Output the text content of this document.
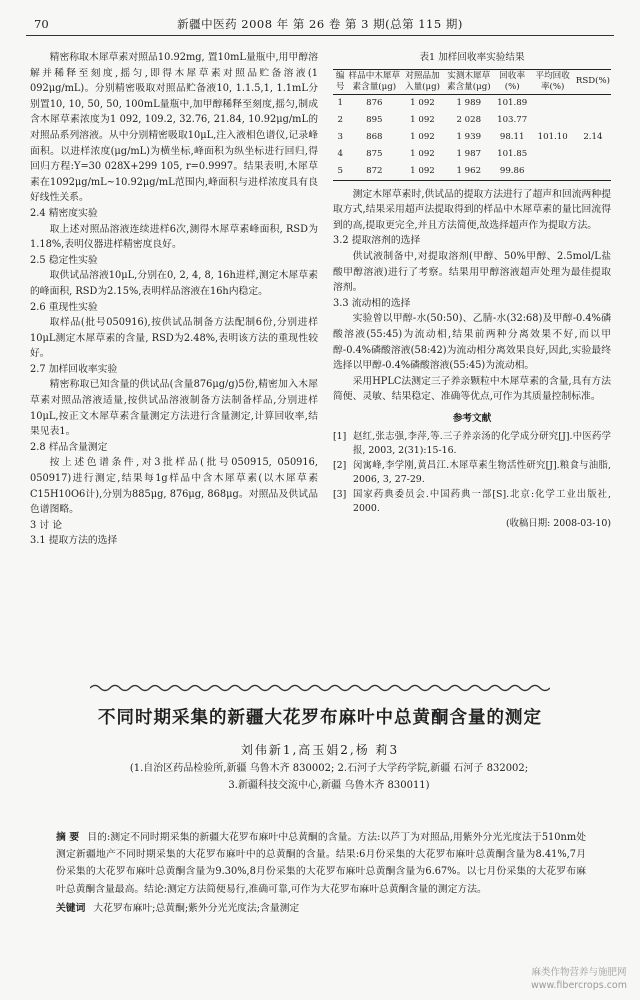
70	新疆中医药 2008 年 第 26 卷 第 3 期(总第 115 期)

精密称取木犀草素对照品10.92mg, 置10mL量瓶中,用甲醇溶解并稀释至刻度,摇匀,即得木犀草素对照品贮备溶液(1 092μg/mL)。分别精密吸取对照品贮备液10, 1.1.5,1, 1.1mL分别置10, 10, 50, 50, 100mL量瓶中,加甲醇稀释至刻度,摇匀,制成含木犀草素浓度为1 092, 109.2, 32.76, 21.84, 10.92μg/mL的对照品系列溶液。从中分别精密吸取10μL,注入液相色谱仪,记录峰面积。以进样浓度(μg/mL)为横坐标,峰面积为纵坐标进行回归,得回归方程:Y=30 028X+299 105, r=0.9997。结果表明,木犀草素在1092μg/mL~10.92μg/mL范围内,峰面积与进样浓度具有良好线性关系。

2.4 精密度实验

取上述对照品溶液连续进样6次,测得木犀草素峰面积, RSD为1.18%,表明仪器进样精密度良好。

2.5 稳定性实验

取供试品溶液10μL,分别在0, 2, 4, 8, 16h进样,测定木犀草素的峰面积, RSD为2.15%,表明样品溶液在16h内稳定。

2.6 重现性实验

取样品(批号050916),按供试品制备方法配制6份,分别进样10μL测定木犀草素的含量, RSD为2.48%,表明该方法的重现性较好。

2.7 加样回收率实验

精密称取已知含量的供试品(含量876μg/g)5份,精密加入木犀草素对照品溶液适量,按供试品溶液制备方法制备样品,分别进样10μL,按正文木犀草素含量测定方法进行含量测定,计算回收率,结果见表1。

2.8 样品含量测定

按上述色谱条件,对3批样品(批号050915, 050916, 050917)进行测定,结果每1g样品中含木犀草素(以木犀草素C15H10O6计),分别为885μg, 876μg, 868μg。对照品及供试品色谱图略。

3 讨 论

3.1 提取方法的选择

表1 加样回收率实验结果
编号	样品中木犀草素含量(μg)	对照品加入量(μg)	实测木犀草素含量(μg)	回收率(%)	平均回收率(%)	RSD(%)
1	876	1 092	1 989	101.89	101.10	2.14
2	895	1 092	2 028	103.77		
3	868	1 092	1 939	98.11		
4	875	1 092	1 987	101.85		
5	872	1 092	1 962	99.86		

测定木犀草素时,供试品的提取方法进行了超声和回流两种提取方式,结果采用超声法提取得到的样品中木犀草素的量比回流得到的高,提取更完全,并且方法简便,故选择超声作为提取方法。

3.2 提取溶剂的选择

供试液制备中,对提取溶剂(甲醇、50%甲醇、2.5mol/L盐酸甲醇溶液)进行了考察。结果用甲醇溶液超声处理为最佳提取溶剂。

3.3 流动相的选择

实验曾以甲醇-水(50:50)、乙腈-水(32:68)及甲醇-0.4%磷酸溶液(55:45)为流动相,结果前两种分离效果不好,而以甲醇-0.4%磷酸溶液(58:42)为流动相分离效果良好,因此,实验最终选择以甲醇-0.4%磷酸溶液(55:45)为流动相。

采用HPLC法测定三子养亲颗粒中木犀草素的含量,具有方法简便、灵敏、结果稳定、准确等优点,可作为其质量控制标准。

参考文献
[1] 赵红,张志强,李萍,等.三子养亲汤的化学成分研究[J].中医药学报, 2003, 2(31):15-16.
[2] 闵寓峰,李学刚,黄昌江.木犀草素生物活性研究[J].粮食与油脂, 2006, 3, 27-29.
[3] 国家药典委员会.中国药典一部[S].北京:化学工业出版社, 2000.
(收稿日期: 2008-03-10)
不同时期采集的新疆大花罗布麻叶中总黄酮含量的测定
刘伟新1,高玉娟2,杨 莉3
(1.自治区药品检验所,新疆 乌鲁木齐 830002; 2.石河子大学药学院,新疆 石河子 832002;
3.新疆科技交流中心,新疆 乌鲁木齐 830011)

摘 要 目的:测定不同时期采集的新疆大花罗布麻叶中总黄酮的含量。方法:以芦丁为对照品,用紫外分光光度法于510nm处测定新疆地产不同时期采集的大花罗布麻叶中的总黄酮的含量。结果:6月份采集的大花罗布麻叶总黄酮含量为8.41%,7月份采集的大花罗布麻叶总黄酮含量为9.30%,8月份采集的大花罗布麻叶总黄酮含量为6.67%。以七月份采集的大花罗布麻叶总黄酮含量最高。结论:测定方法简便易行,准确可靠,可作为大花罗布麻叶总黄酮含量的测定方法。

关键词 大花罗布麻叶;总黄酮;紫外分光光度法;含量测定

麻类作物营养与施肥网
www.fibercrops.com
